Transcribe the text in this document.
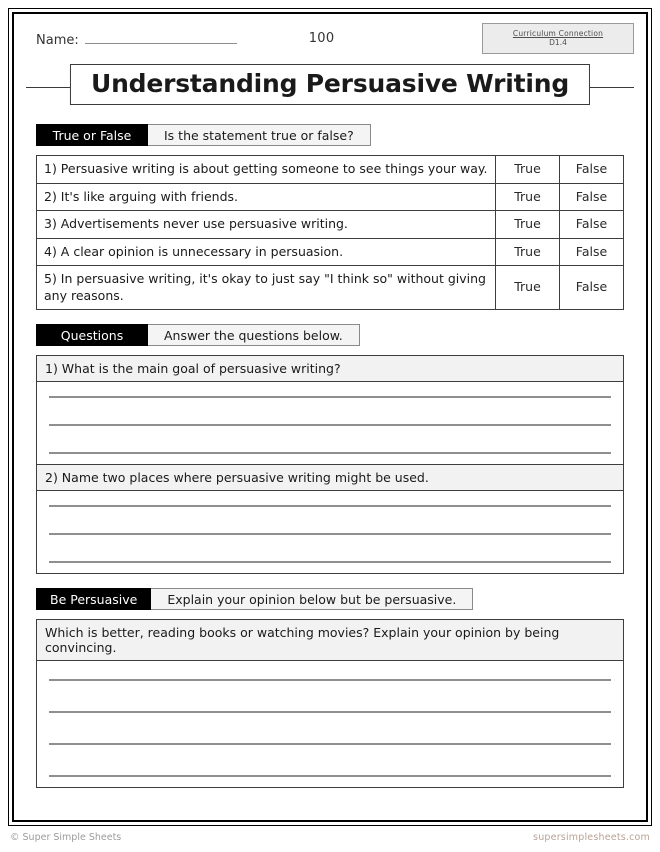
Name:	100	Curriculum Connection
D1.4
Understanding Persuasive Writing
True or False	Is the statement true or false?
1) Persuasive writing is about getting someone to see things your way.	True	False
2) It's like arguing with friends.	True	False
3) Advertisements never use persuasive writing.	True	False
4) A clear opinion is unnecessary in persuasion.	True	False
5) In persuasive writing, it's okay to just say "I think so" without giving any reasons.	True	False
Questions	Answer the questions below.
1) What is the main goal of persuasive writing?
2) Name two places where persuasive writing might be used.
Be Persuasive	Explain your opinion below but be persuasive.
Which is better, reading books or watching movies? Explain your opinion by being convincing.
© Super Simple Sheets	supersimplesheets.com
